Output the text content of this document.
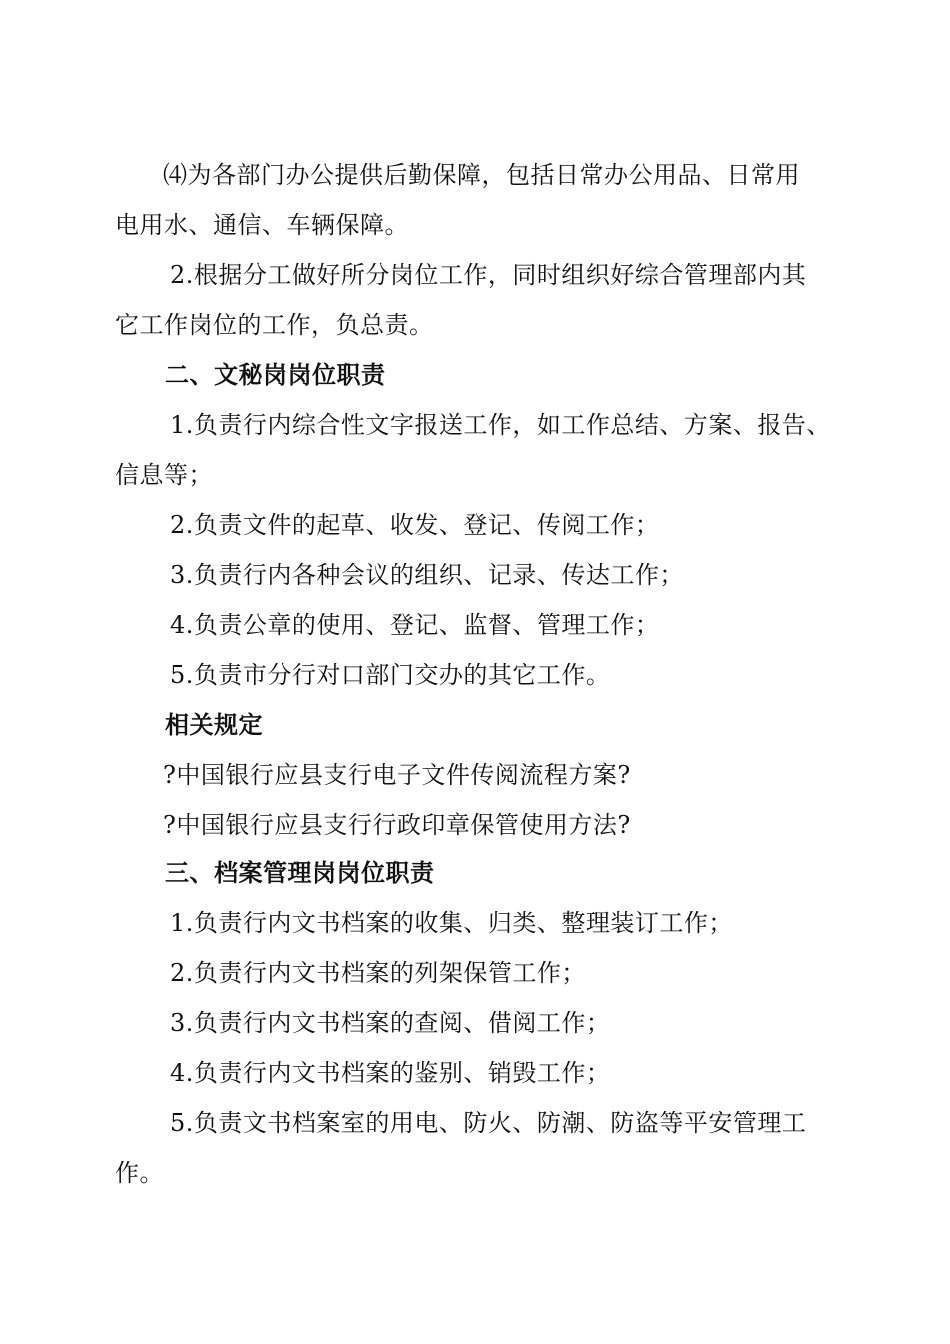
⑷为各部门办公提供后勤保障，包括日常办公用品、日常用
电用水、通信、车辆保障。
2.根据分工做好所分岗位工作，同时组织好综合管理部内其
它工作岗位的工作，负总责。
二、文秘岗岗位职责
1.负责行内综合性文字报送工作，如工作总结、方案、报告、
信息等；
2.负责文件的起草、收发、登记、传阅工作；
3.负责行内各种会议的组织、记录、传达工作；
4.负责公章的使用、登记、监督、管理工作；
5.负责市分行对口部门交办的其它工作。
相关规定
?中国银行应县支行电子文件传阅流程方案?
?中国银行应县支行行政印章保管使用方法?
三、档案管理岗岗位职责
1.负责行内文书档案的收集、归类、整理装订工作；
2.负责行内文书档案的列架保管工作；
3.负责行内文书档案的查阅、借阅工作；
4.负责行内文书档案的鉴别、销毁工作；
5.负责文书档案室的用电、防火、防潮、防盗等平安管理工
作。
